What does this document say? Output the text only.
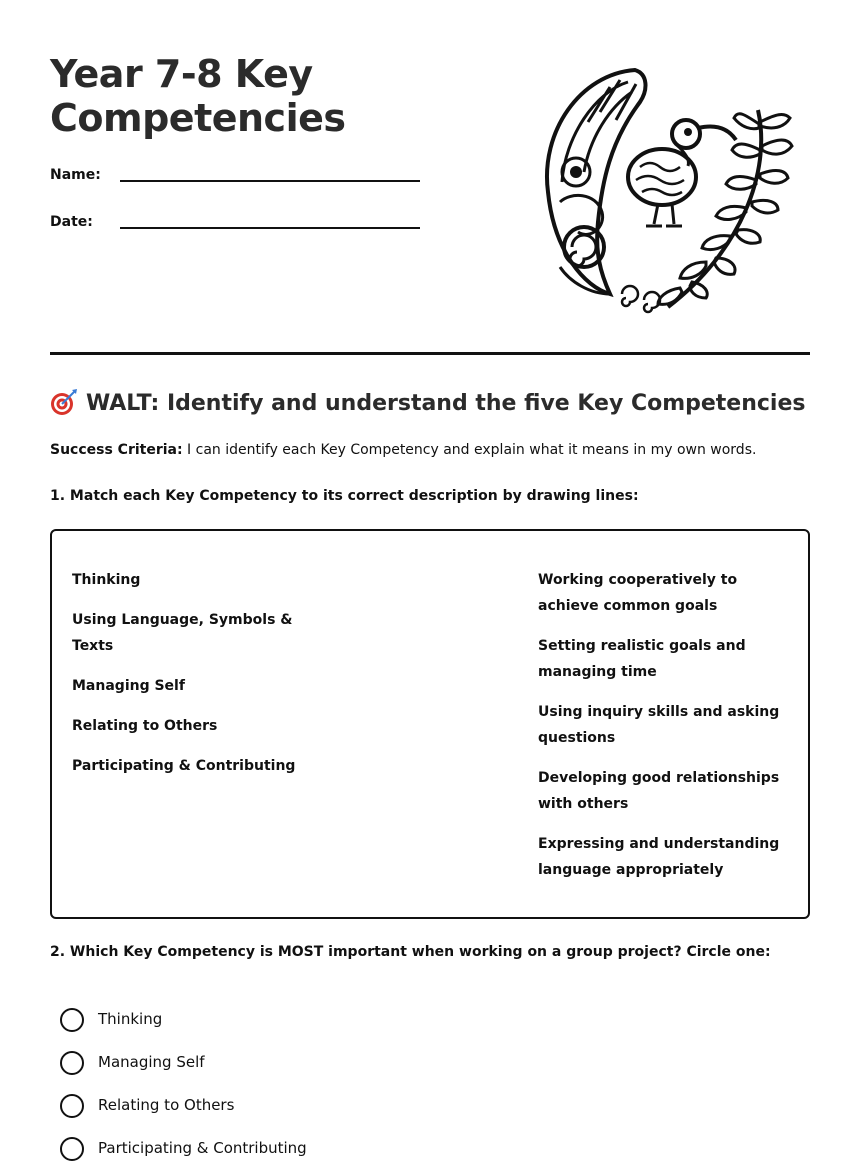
Year 7-8 Key
Competencies
Name:
Date:
WALT: Identify and understand the five Key Competencies
Success Criteria: I can identify each Key Competency and explain what it means in my own words.
1. Match each Key Competency to its correct description by drawing lines:
Thinking
Using Language, Symbols & Texts
Managing Self
Relating to Others
Participating & Contributing
Working cooperatively to achieve common goals
Setting realistic goals and managing time
Using inquiry skills and asking questions
Developing good relationships with others
Expressing and understanding language appropriately
2. Which Key Competency is MOST important when working on a group project? Circle one:
Thinking
Managing Self
Relating to Others
Participating & Contributing
